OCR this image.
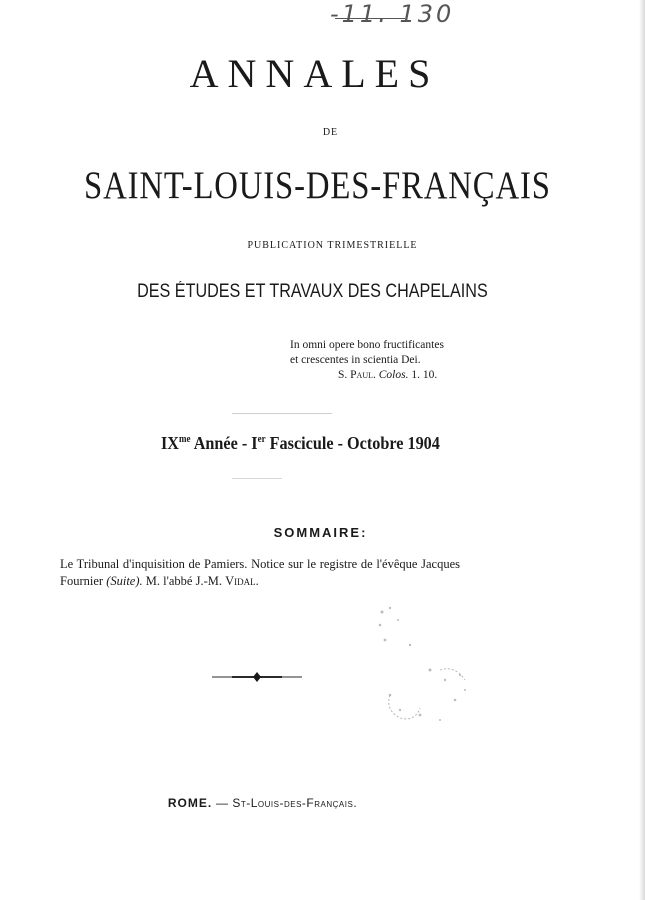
-11. 130
ANNALES
DE
SAINT-LOUIS-DES-FRANÇAIS
PUBLICATION TRIMESTRIELLE
DES ÉTUDES ET TRAVAUX DES CHAPELAINS
In omni opere bono fructificantes
et crescentes in scientia Dei.
S. Paul. Colos. 1. 10.
$IX^{me}$ Année - Ier Fascicule - Octobre 1904
SOMMAIRE:
Le Tribunal d'inquisition de Pamiers. Notice sur le registre de l'évêque Jacques Fournier (Suite). M. l'abbé J.-M. Vidal.
ROME. — St-Louis-des-Français.
